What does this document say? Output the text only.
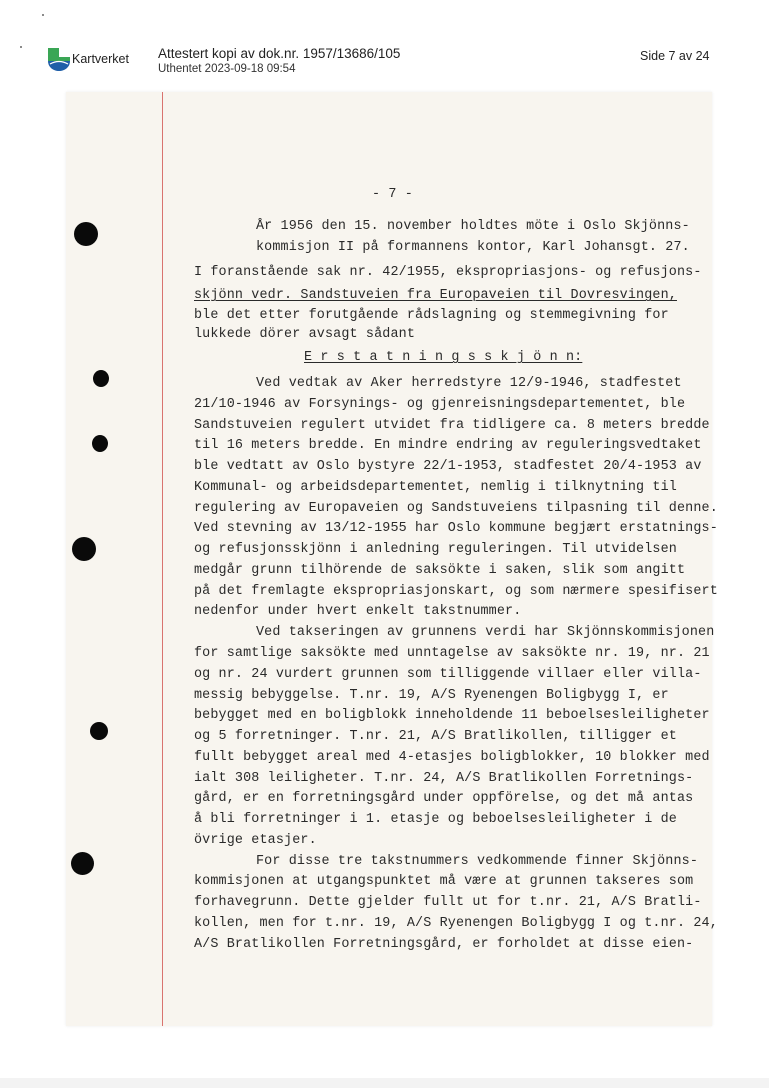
Kartverket Attestert kopi av dok.nr. 1957/13686/105
Uthentet 2023-09-18 09:54
Side 7 av 24
- 7 -
År 1956 den 15. november holdtes möte i Oslo Skjönns-
kommisjon II på formannens kontor, Karl Johansgt. 27.
I foranstående sak nr. 42/1955, ekspropriasjons- og refusjons-
skjönn vedr. Sandstuveien fra Europaveien til Dovresvingen,
ble det etter forutgående rådslagning og stemmegivning for
lukkede dörer avsagt sådant
E r s t a t n i n g s s k j ö n n:
Ved vedtak av Aker herredstyre 12/9-1946, stadfestet
21/10-1946 av Forsynings- og gjenreisningsdepartementet, ble
Sandstuveien regulert utvidet fra tidligere ca. 8 meters bredde
til 16 meters bredde. En mindre endring av reguleringsvedtaket
ble vedtatt av Oslo bystyre 22/1-1953, stadfestet 20/4-1953 av
Kommunal- og arbeidsdepartementet, nemlig i tilknytning til
regulering av Europaveien og Sandstuveiens tilpasning til denne.
Ved stevning av 13/12-1955 har Oslo kommune begjært erstatnings-
og refusjonsskjönn i anledning reguleringen. Til utvidelsen
medgår grunn tilhörende de saksökte i saken, slik som angitt
på det fremlagte ekspropriasjonskart, og som nærmere spesifisert
nedenfor under hvert enkelt takstnummer.
Ved takseringen av grunnens verdi har Skjönnskommisjonen
for samtlige saksökte med unntagelse av saksökte nr. 19, nr. 21
og nr. 24 vurdert grunnen som tilliggende villaer eller villa-
messig bebyggelse. T.nr. 19, A/S Ryenengen Boligbygg I, er
bebygget med en boligblokk inneholdende 11 beboelsesleiligheter
og 5 forretninger. T.nr. 21, A/S Bratlikollen, tilligger et
fullt bebygget areal med 4-etasjes boligblokker, 10 blokker med
ialt 308 leiligheter. T.nr. 24, A/S Bratlikollen Forretnings-
gård, er en forretningsgård under oppförelse, og det må antas
å bli forretninger i 1. etasje og beboelsesleiligheter i de
övrige etasjer.
For disse tre takstnummers vedkommende finner Skjönns-
kommisjonen at utgangspunktet må være at grunnen takseres som
forhavegrunn. Dette gjelder fullt ut for t.nr. 21, A/S Bratli-
kollen, men for t.nr. 19, A/S Ryenengen Boligbygg I og t.nr. 24,
A/S Bratlikollen Forretningsgård, er forholdet at disse eien-
